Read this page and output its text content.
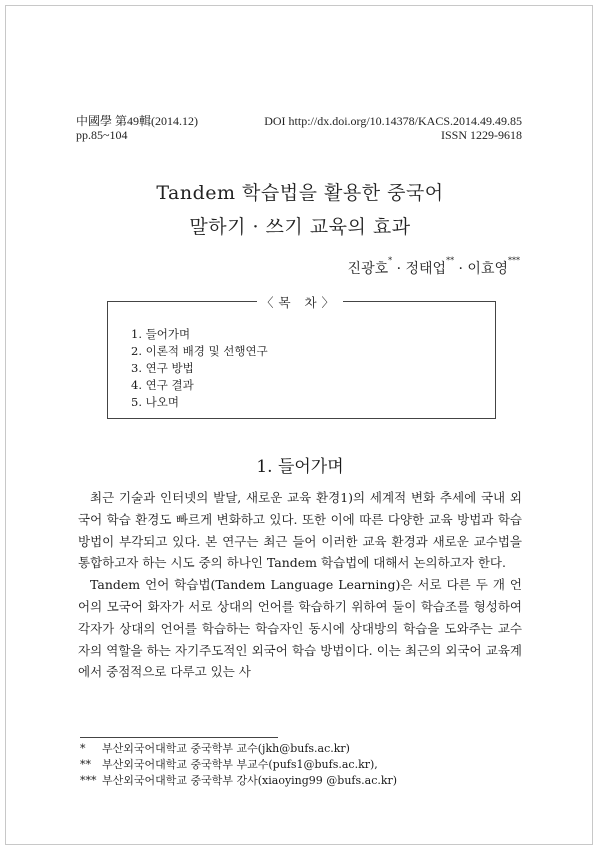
中國學 第49輯(2014.12)
pp.85~104
DOI http://dx.doi.org/10.14378/KACS.2014.49.49.85
ISSN 1229-9618
Tandem 학습법을 활용한 중국어
말하기 · 쓰기 교육의 효과
진광호* · 정태업** · 이효영***
〈목 차〉
1. 들어가며
2. 이론적 배경 및 선행연구
3. 연구 방법
4. 연구 결과
5. 나오며
1. 들어가며

최근 기술과 인터넷의 발달, 새로운 교육 환경1)의 세계적 변화 추세에 국내 외국어 학습 환경도 빠르게 변화하고 있다. 또한 이에 따른 다양한 교육 방법과 학습 방법이 부각되고 있다. 본 연구는 최근 들어 이러한 교육 환경과 새로운 교수법을 통합하고자 하는 시도 중의 하나인 Tandem 학습법에 대해서 논의하고자 한다.

Tandem 언어 학습법(Tandem Language Learning)은 서로 다른 두 개 언어의 모국어 화자가 서로 상대의 언어를 학습하기 위하여 둘이 학습조를 형성하여 각자가 상대의 언어를 학습하는 학습자인 동시에 상대방의 학습을 도와주는 교수자의 역할을 하는 자기주도적인 외국어 학습 방법이다. 이는 최근의 외국어 교육계에서 중점적으로 다루고 있는 사

* 부산외국어대학교 중국학부 교수(jkh@bufs.ac.kr)
** 부산외국어대학교 중국학부 부교수(pufs1@bufs.ac.kr),
*** 부산외국어대학교 중국학부 강사(xiaoying99 @bufs.ac.kr)
